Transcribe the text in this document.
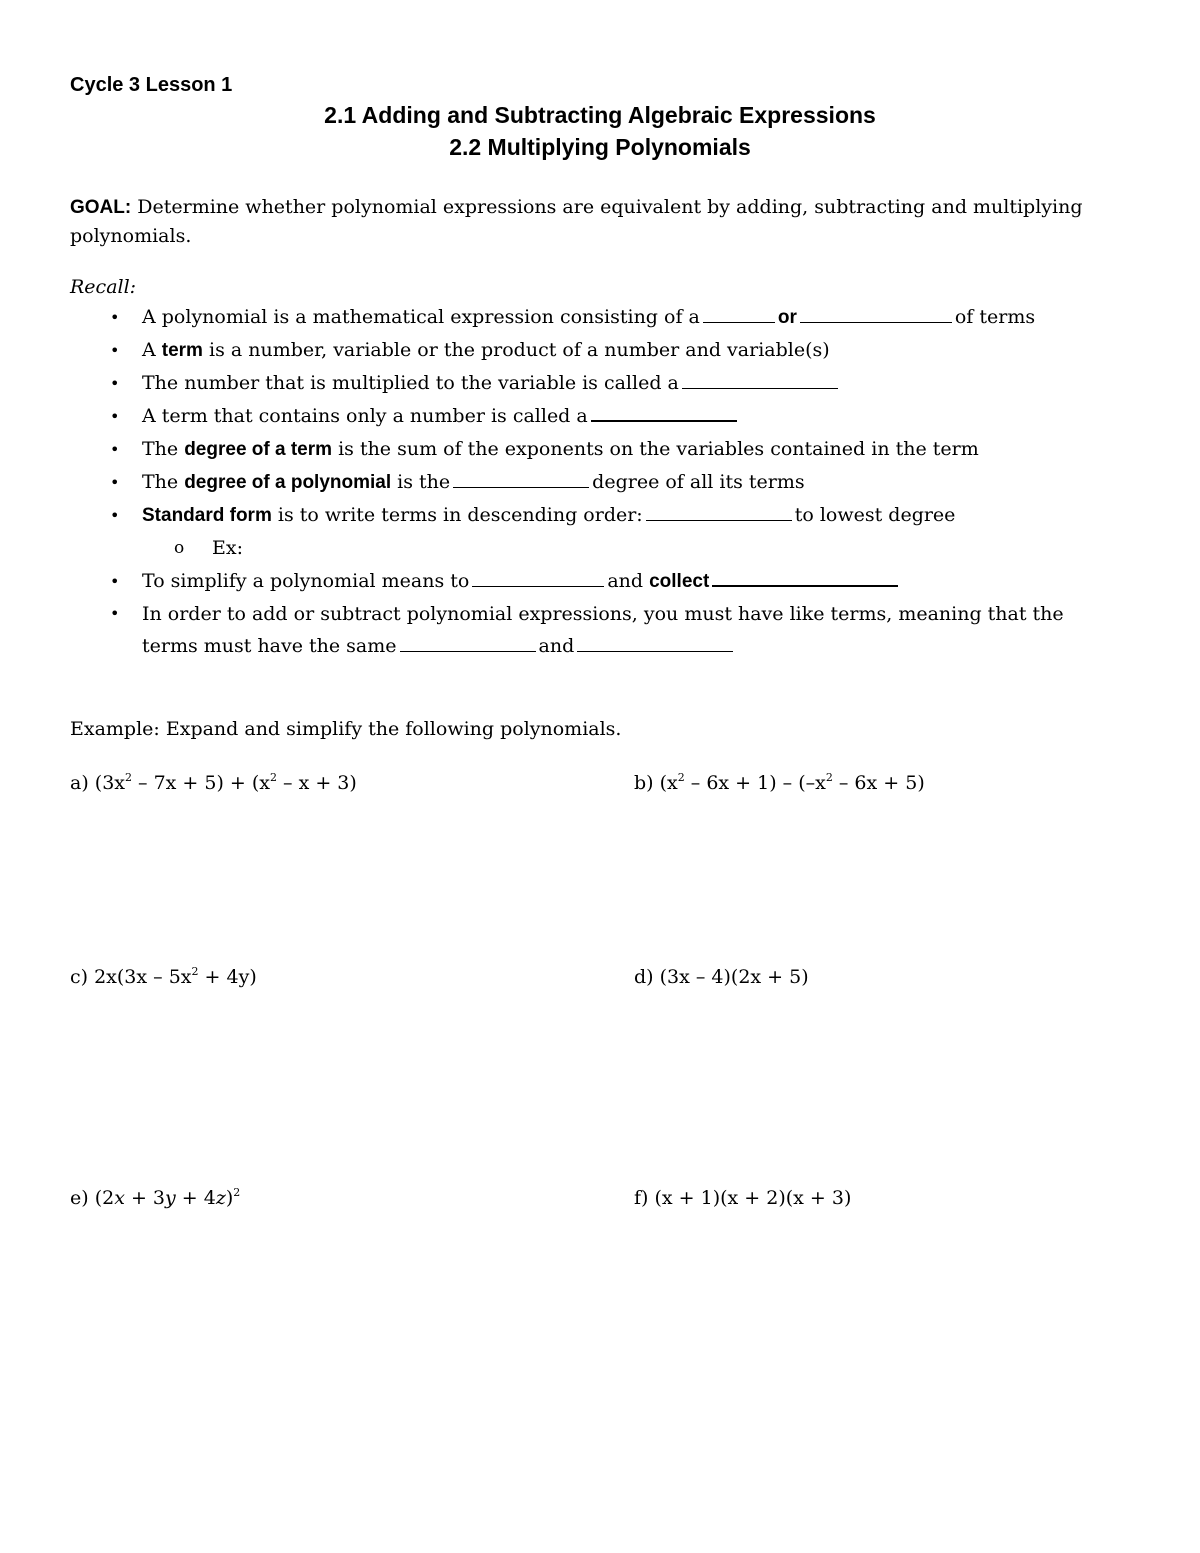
Cycle 3 Lesson 1
2.1 Adding and Subtracting Algebraic Expressions
2.2 Multiplying Polynomials
GOAL: Determine whether polynomial expressions are equivalent by adding, subtracting and multiplying polynomials.
Recall:
• A polynomial is a mathematical expression consisting of a	or	of terms
• A term is a number, variable or the product of a number and variable(s)
• The number that is multiplied to the variable is called a
• A term that contains only a number is called a
• The degree of a term is the sum of the exponents on the variables contained in the term
• The degree of a polynomial is the	degree of all its terms
• Standard form is to write terms in descending order:	to lowest degree
o Ex:
• To simplify a polynomial means to	and collect
• In order to add or subtract polynomial expressions, you must have like terms, meaning that the terms must have the same	and
Example: Expand and simplify the following polynomials.
a) $(3x^2 - 7x + 5) + (x^2 - x + 3)$	b) $(x^2 - 6x + 1) - (-x^2 - 6x + 5)$
c) $2x(3x - 5x^2 + 4y)$	d) (3x – 4)(2x + 5)
e) $(2x + 3y + 4z)^2$	f) (x + 1)(x + 2)(x + 3)
